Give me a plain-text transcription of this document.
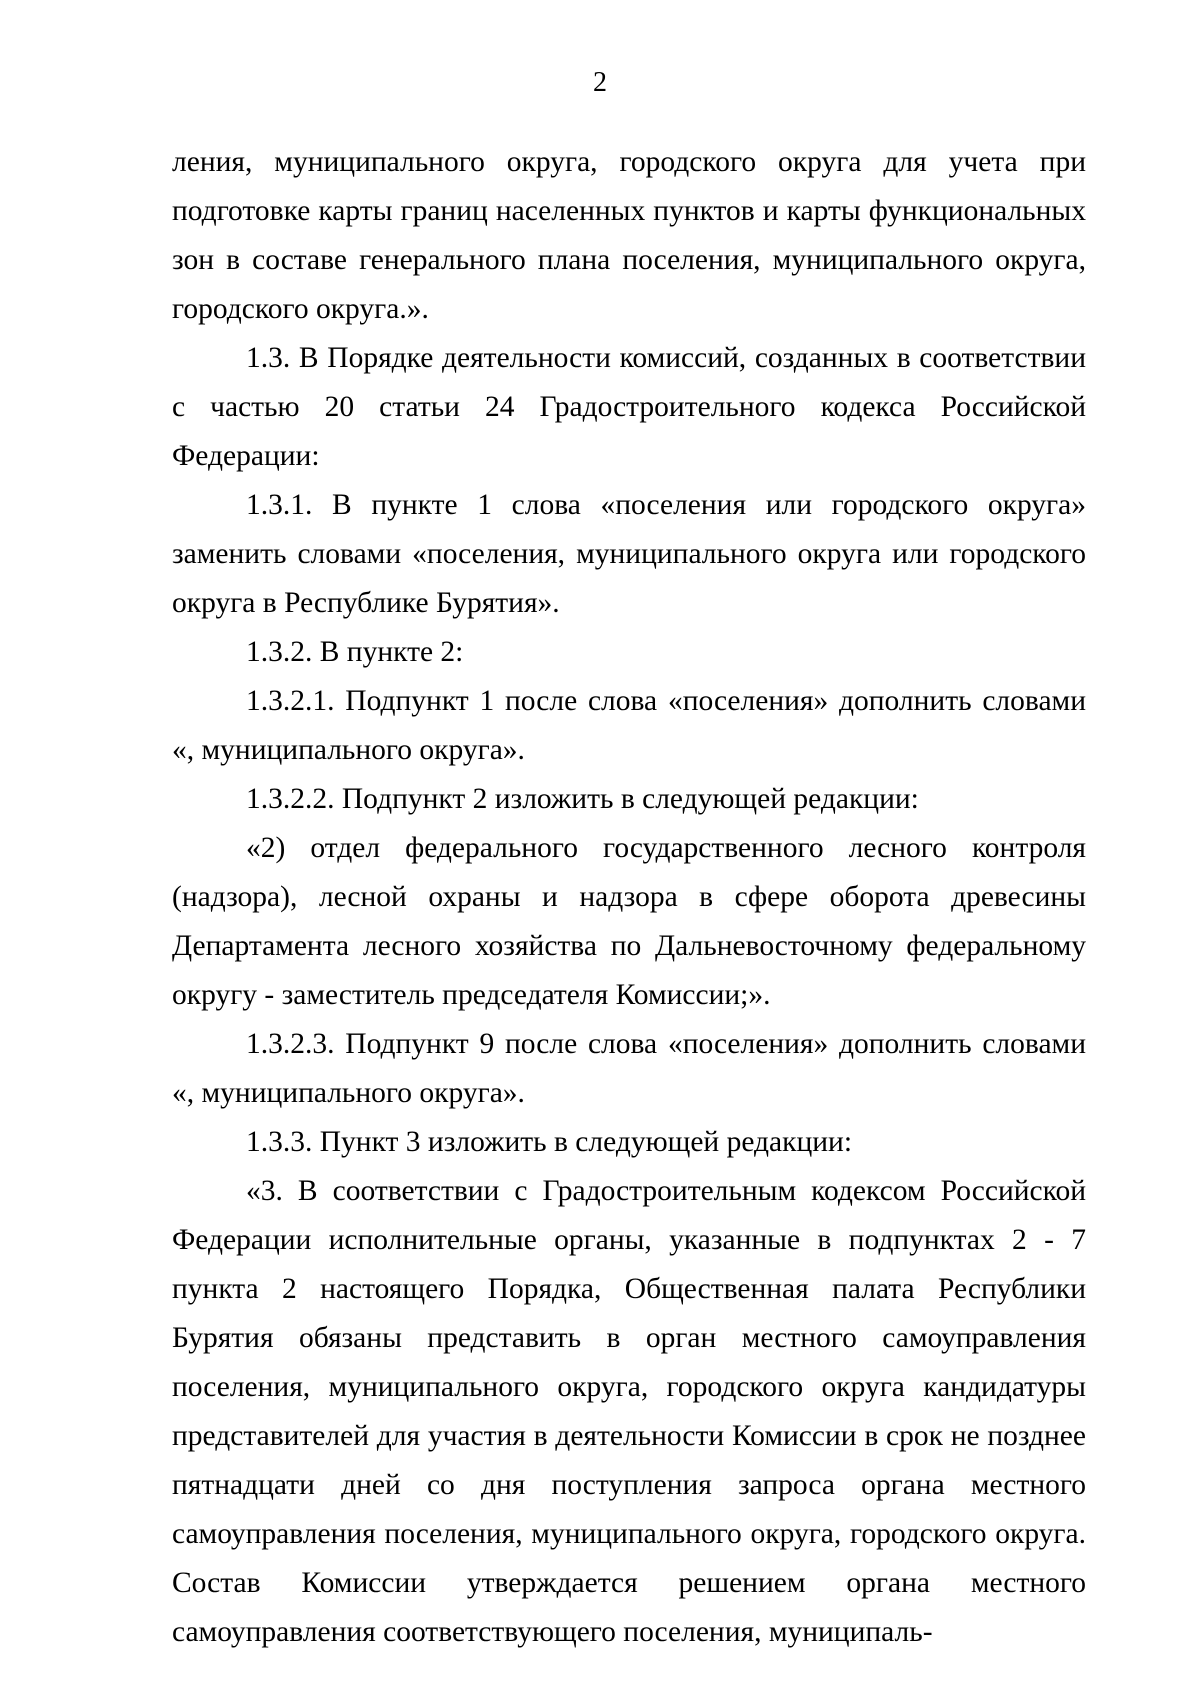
2

ления, муниципального округа, городского округа для учета при подготовке карты границ населенных пунктов и карты функциональных зон в составе генерального плана поселения, муниципального округа, городского округа.».

1.3. В Порядке деятельности комиссий, созданных в соответствии с частью 20 статьи 24 Градостроительного кодекса Российской Федерации:

1.3.1. В пункте 1 слова «поселения или городского округа» заменить словами «поселения, муниципального округа или городского округа в Республике Бурятия».

1.3.2. В пункте 2:

1.3.2.1. Подпункт 1 после слова «поселения» дополнить словами «, муниципального округа».

1.3.2.2. Подпункт 2 изложить в следующей редакции:

«2) отдел федерального государственного лесного контроля (надзора), лесной охраны и надзора в сфере оборота древесины Департамента лесного хозяйства по Дальневосточному федеральному округу - заместитель председателя Комиссии;».

1.3.2.3. Подпункт 9 после слова «поселения» дополнить словами «, муниципального округа».

1.3.3. Пункт 3 изложить в следующей редакции:

«3. В соответствии с Градостроительным кодексом Российской Федерации исполнительные органы, указанные в подпунктах 2 - 7 пункта 2 настоящего Порядка, Общественная палата Республики Бурятия обязаны представить в орган местного самоуправления поселения, муниципального округа, городского округа кандидатуры представителей для участия в деятельности Комиссии в срок не позднее пятнадцати дней со дня поступления запроса органа местного самоуправления поселения, муниципального округа, городского округа. Состав Комиссии утверждается решением органа местного самоуправления соответствующего поселения, муниципаль-
